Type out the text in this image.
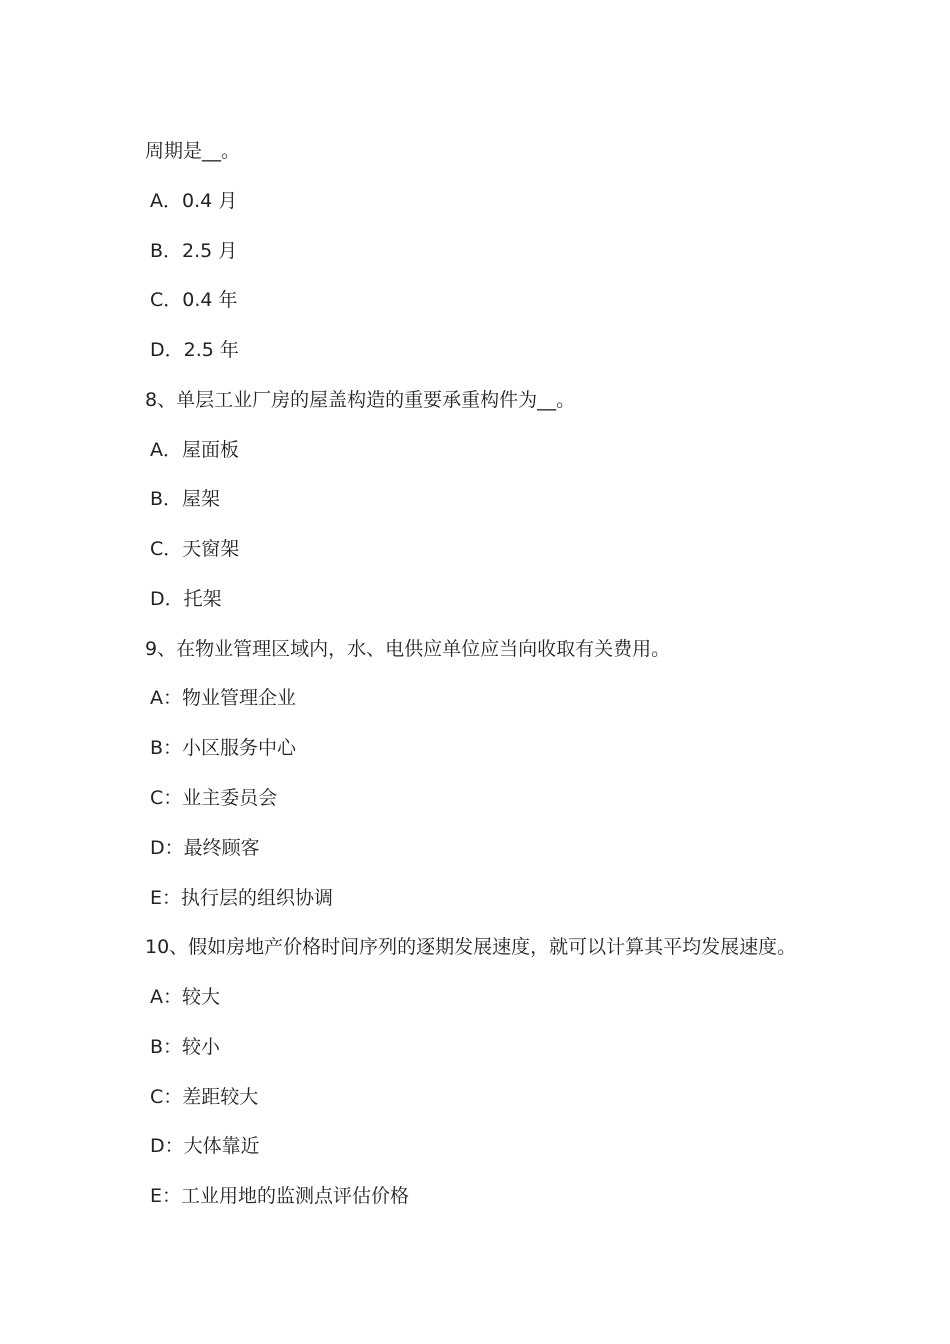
周期是__。
A．0.4 月
B．2.5 月
C．0.4 年
D．2.5 年
8、单层工业厂房的屋盖构造的重要承重构件为__。
A．屋面板
B．屋架
C．天窗架
D．托架
9、在物业管理区域内，水、电供应单位应当向收取有关费用。
A：物业管理企业
B：小区服务中心
C：业主委员会
D：最终顾客
E：执行层的组织协调
10、假如房地产价格时间序列的逐期发展速度，就可以计算其平均发展速度。
A：较大
B：较小
C：差距较大
D：大体靠近
E：工业用地的监测点评估价格
